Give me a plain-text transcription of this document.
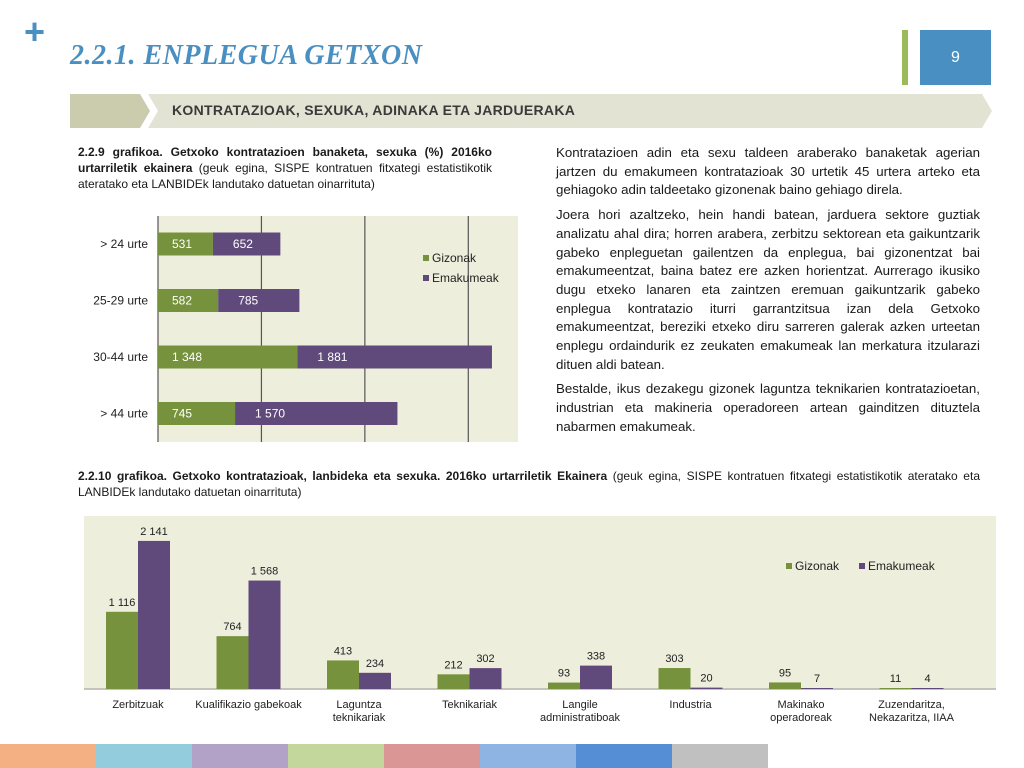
+
2.2.1. ENPLEGUA GETXON	9
KONTRATAZIOAK, SEXUKA, ADINAKA ETA JARDUERAKA
2.2.9 grafikoa. Getxoko kontratazioen banaketa, sexuka (%) 2016ko urtarriletik ekainera (geuk egina, SISPE kontratuen fitxategi estatistikotik ateratako eta LANBIDEk landutako datuetan oinarrituta)
> 24 urte 531	652
25-29 urte 582	785
30-44 urte 1 348	1 881
> 44 urte 745	1 570
Gizonak
Emakumeak

Kontratazioen adin eta sexu taldeen araberako banaketak agerian jartzen du emakumeen kontratazioak 30 urtetik 45 urtera arteko eta gehiagoko adin taldeetako gizonenak baino gehiago direla.

Joera hori azaltzeko, hein handi batean, jarduera sektore guztiak analizatu ahal dira; horren arabera, zerbitzu sektorean eta gaikuntzarik gabeko enpleguetan gailentzen da enplegua, bai gizonentzat bai emakumeentzat, baina batez ere azken horientzat. Aurrerago ikusiko dugu etxeko lanaren eta zaintzen eremuan gaikuntzarik gabeko enplegua kontratazio iturri garrantzitsua izan dela Getxoko emakumeentzat, bereziki etxeko diru sarreren galerak azken urteetan enplegu ordaindurik ez zeukaten emakumeak lan merkatura itzularazi dituen aldi batean.

Bestalde, ikus dezakegu gizonek laguntza teknikarien kontratazioetan, industrian eta makineria operadoreen artean gainditzen dituztela nabarmen emakumeak.

2.2.10 grafikoa. Getxoko kontratazioak, lanbideka eta sexuka. 2016ko urtarriletik Ekainera (geuk egina, SISPE kontratuen fitxategi estatistikotik ateratako eta LANBIDEk landutako datuetan oinarrituta)
1 116
2 141
Zerbitzuak
764
1 568
Kualifikazio gabekoak
413
234
Laguntza teknikariak
212
302
Teknikariak
93
338
Langile administratiboak
303
20
Industria
95 7
Makinako operadoreak
11 4
Zuzendaritza, Nekazaritza, IIAA
Gizonak Emakumeak
